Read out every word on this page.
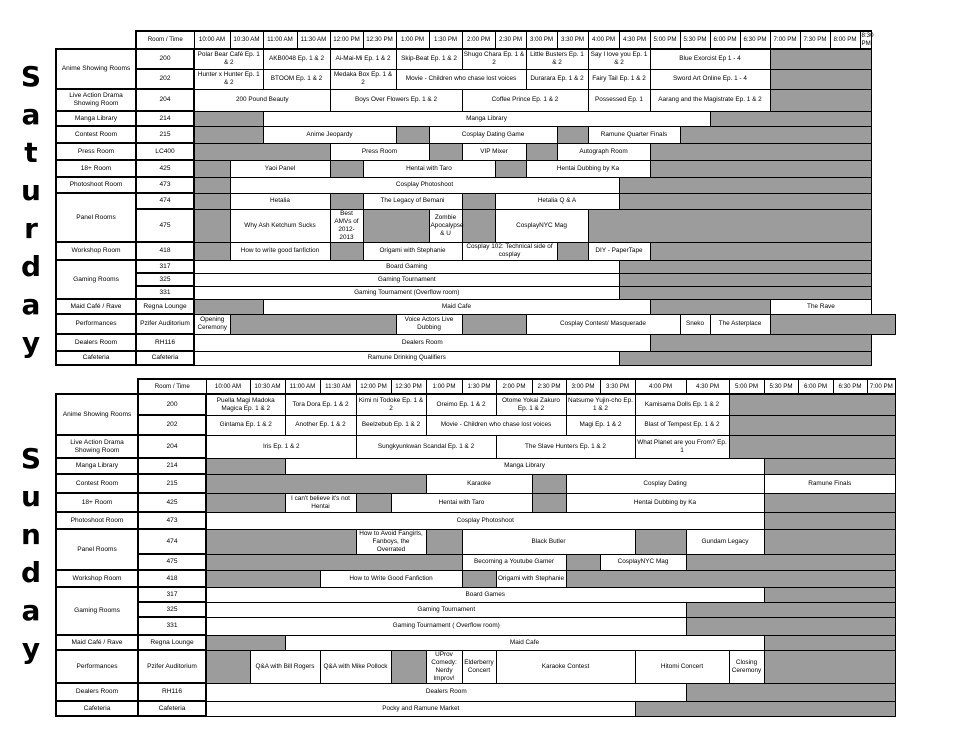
S
a
t
u
r
d
a
y
	Room / Time	10:00 AM	10:30 AM	11:00 AM	11:30 AM	12:00 PM	12:30 PM	1:00 PM	1:30 PM	2:00 PM	2:30 PM	3:00 PM	3:30 PM	4:00 PM	4:30 PM	5:00 PM	5:30 PM	6:00 PM	6:30 PM	7:00 PM	7:30 PM	8:00 PM	8:30 PM
Anime Showing Rooms	200	Polar Bear Café Ep. 1 & 2		AKB0048 Ep. 1 & 2		Ai-Mai-Mi Ep. 1 & 2		Skip-Beat Ep. 1 & 2		Shugo Chara Ep. 1 & 2		Little Busters Ep. 1 & 2		Say I love you Ep. 1 & 2		Blue Exorcist Ep 1 - 4							
	202	Hunter x Hunter Ep. 1 & 2		BTOOM Ep. 1 & 2		Medaka Box Ep. 1 & 2		Movie - Children who chase lost voices				Durarara Ep. 1 & 2		Fairy Tail Ep. 1 & 2		Sword Art Online Ep. 1 - 4							
Live Action Drama Showing Room	204	200 Pound Beauty				Boys Over Flowers Ep. 1 & 2				Coffee Prince Ep. 1 & 2				Possessed Ep. 1		Aarang and the Magistrate Ep. 1 & 2							
Manga Library	214			Manga Library																			
Contest Room	215			Anime Jeopardy					Cosplay Dating Game					Ramune Quarter Finals									
Press Room	LC400					Press Room				VIP Mixer			Autograph Room										
18+ Room	425		Yaoi Panel				Hentai with Taro					Hentai Dubbing by Ka											
Photoshoot Room	473		Cosplay Photoshoot																				
Panel Rooms	474		Hetalia				The Legacy of Bemani				Hetalia Q & A												
	475		Why Ash Ketchum Sucks			Best AMVs of 2012-2013			Zombie Apocalypse & U		CosplayNYC Mag												
Workshop Room	418		How to write good fanfiction				Origami with Stephanie			Cosplay 102: Technical side of cosplay				DIY - PaperTape									
Gaming Rooms	317	Board Gaming																					
	325	Gaming Tournament																					
	331	Gaming Tournament (Overflow room)																					
Maid Café / Rave	Regna Lounge			Maid Cafe																The Rave			
Performances	Pzifer Auditorium	Opening Ceremony						Voice Actors Live Dubbing				Cosplay Contest/ Masquerade					Sneko	The Asterplace					
Dealers Room	RH116	Dealers Room																					
Cafeteria	Cafeteria	Ramune Drinking Qualifiers																					
S
u
n
d
a
y
	Room / Time	10:00 AM	10:30 AM	11:00 AM	11:30 AM	12:00 PM	12:30 PM	1:00 PM	1:30 PM	2:00 PM	2:30 PM	3:00 PM	3:30 PM	4:00 PM	4:30 PM	5:00 PM	5:30 PM	6:00 PM	6:30 PM	7:00 PM
Anime Showing Rooms	200	Puella Magi Madoka Magica Ep. 1 & 2		Tora Dora Ep. 1 & 2		Kimi ni Todoke Ep. 1 & 2		Oreimo Ep. 1 & 2		Otome Yokai Zakuro Ep. 1 & 2		Natsume Yujin-cho Ep. 1 & 2		Kamisama Dolls Ep. 1 & 2						
	202	Gintama Ep. 1 & 2		Another Ep. 1 & 2		Beelzebub Ep. 1 & 2		Movie - Children who chase lost voices				Magi Ep. 1 & 2		Blast of Tempest Ep. 1 & 2						
Live Action Drama Showing Room	204	Iris Ep. 1 & 2				Sungkyunkwan Scandal Ep. 1 & 2				The Slave Hunters Ep. 1 & 2				What Planet are you From? Ep. 1						
Manga Library	214			Manga Library																
Contest Room	215							Karaoke				Cosplay Dating					Ramune Finals			
18+ Room	425			I can't believe it's not Hentai			Hentai with Taro					Hentai Dubbing by Ka								
Photoshoot Room	473	Cosplay Photoshoot																		
Panel Rooms	474					How to Avoid Fangirls, Fanboys, the Overrated			Black Butler						Gundam Legacy					
	475								Becoming a Youtube Gamer				CosplayNYC Mag							
Workshop Room	418				How to Write Good Fanfiction					Origami with Stephanie										
Gaming Rooms	317	Board Games																		
	325	Gaming Tournament																		
	331	Gaming Tournament ( Overflow room)																		
Maid Café / Rave	Regna Lounge			Maid Cafe																
Performances	Pzifer Auditorium		Q&A with Bill Rogers		Q&A with Mike Pollock			UProv Comedy: Nerdy Improv!	Elderberry Concert	Karaoke Contest				Hitomi Concert		Closing Ceremony				
Dealers Room	RH116	Dealers Room																		
Cafeteria	Cafeteria	Pocky and Ramune Market																		
